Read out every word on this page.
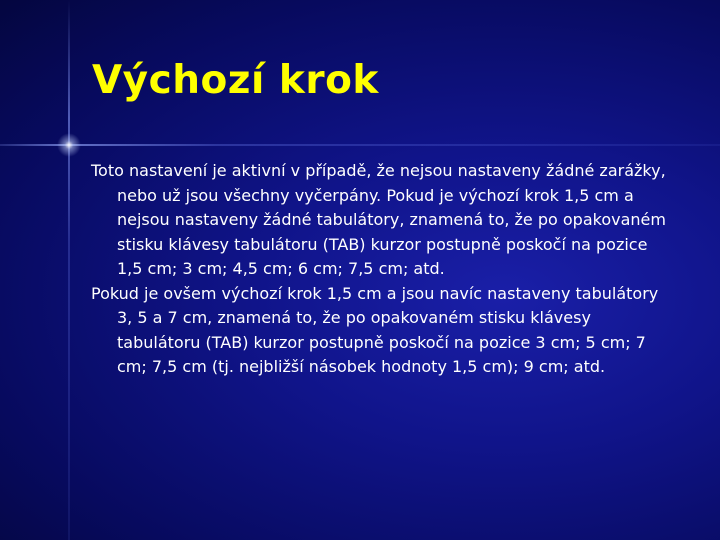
Výchozí krok

Toto nastavení je aktivní v případě, že nejsou nastaveny žádné zarážky, nebo už jsou všechny vyčerpány. Pokud je výchozí krok 1,5 cm a nejsou nastaveny žádné tabulátory, znamená to, že po opakovaném stisku klávesy tabulátoru (TAB) kurzor postupně poskočí na pozice 1,5 cm; 3 cm; 4,5 cm; 6 cm; 7,5 cm; atd.

Pokud je ovšem výchozí krok 1,5 cm a jsou navíc nastaveny tabulátory 3, 5 a 7 cm, znamená to, že po opakovaném stisku klávesy tabulátoru (TAB) kurzor postupně poskočí na pozice 3 cm; 5 cm; 7 cm; 7,5 cm (tj. nejbližší násobek hodnoty 1,5 cm); 9 cm; atd.
